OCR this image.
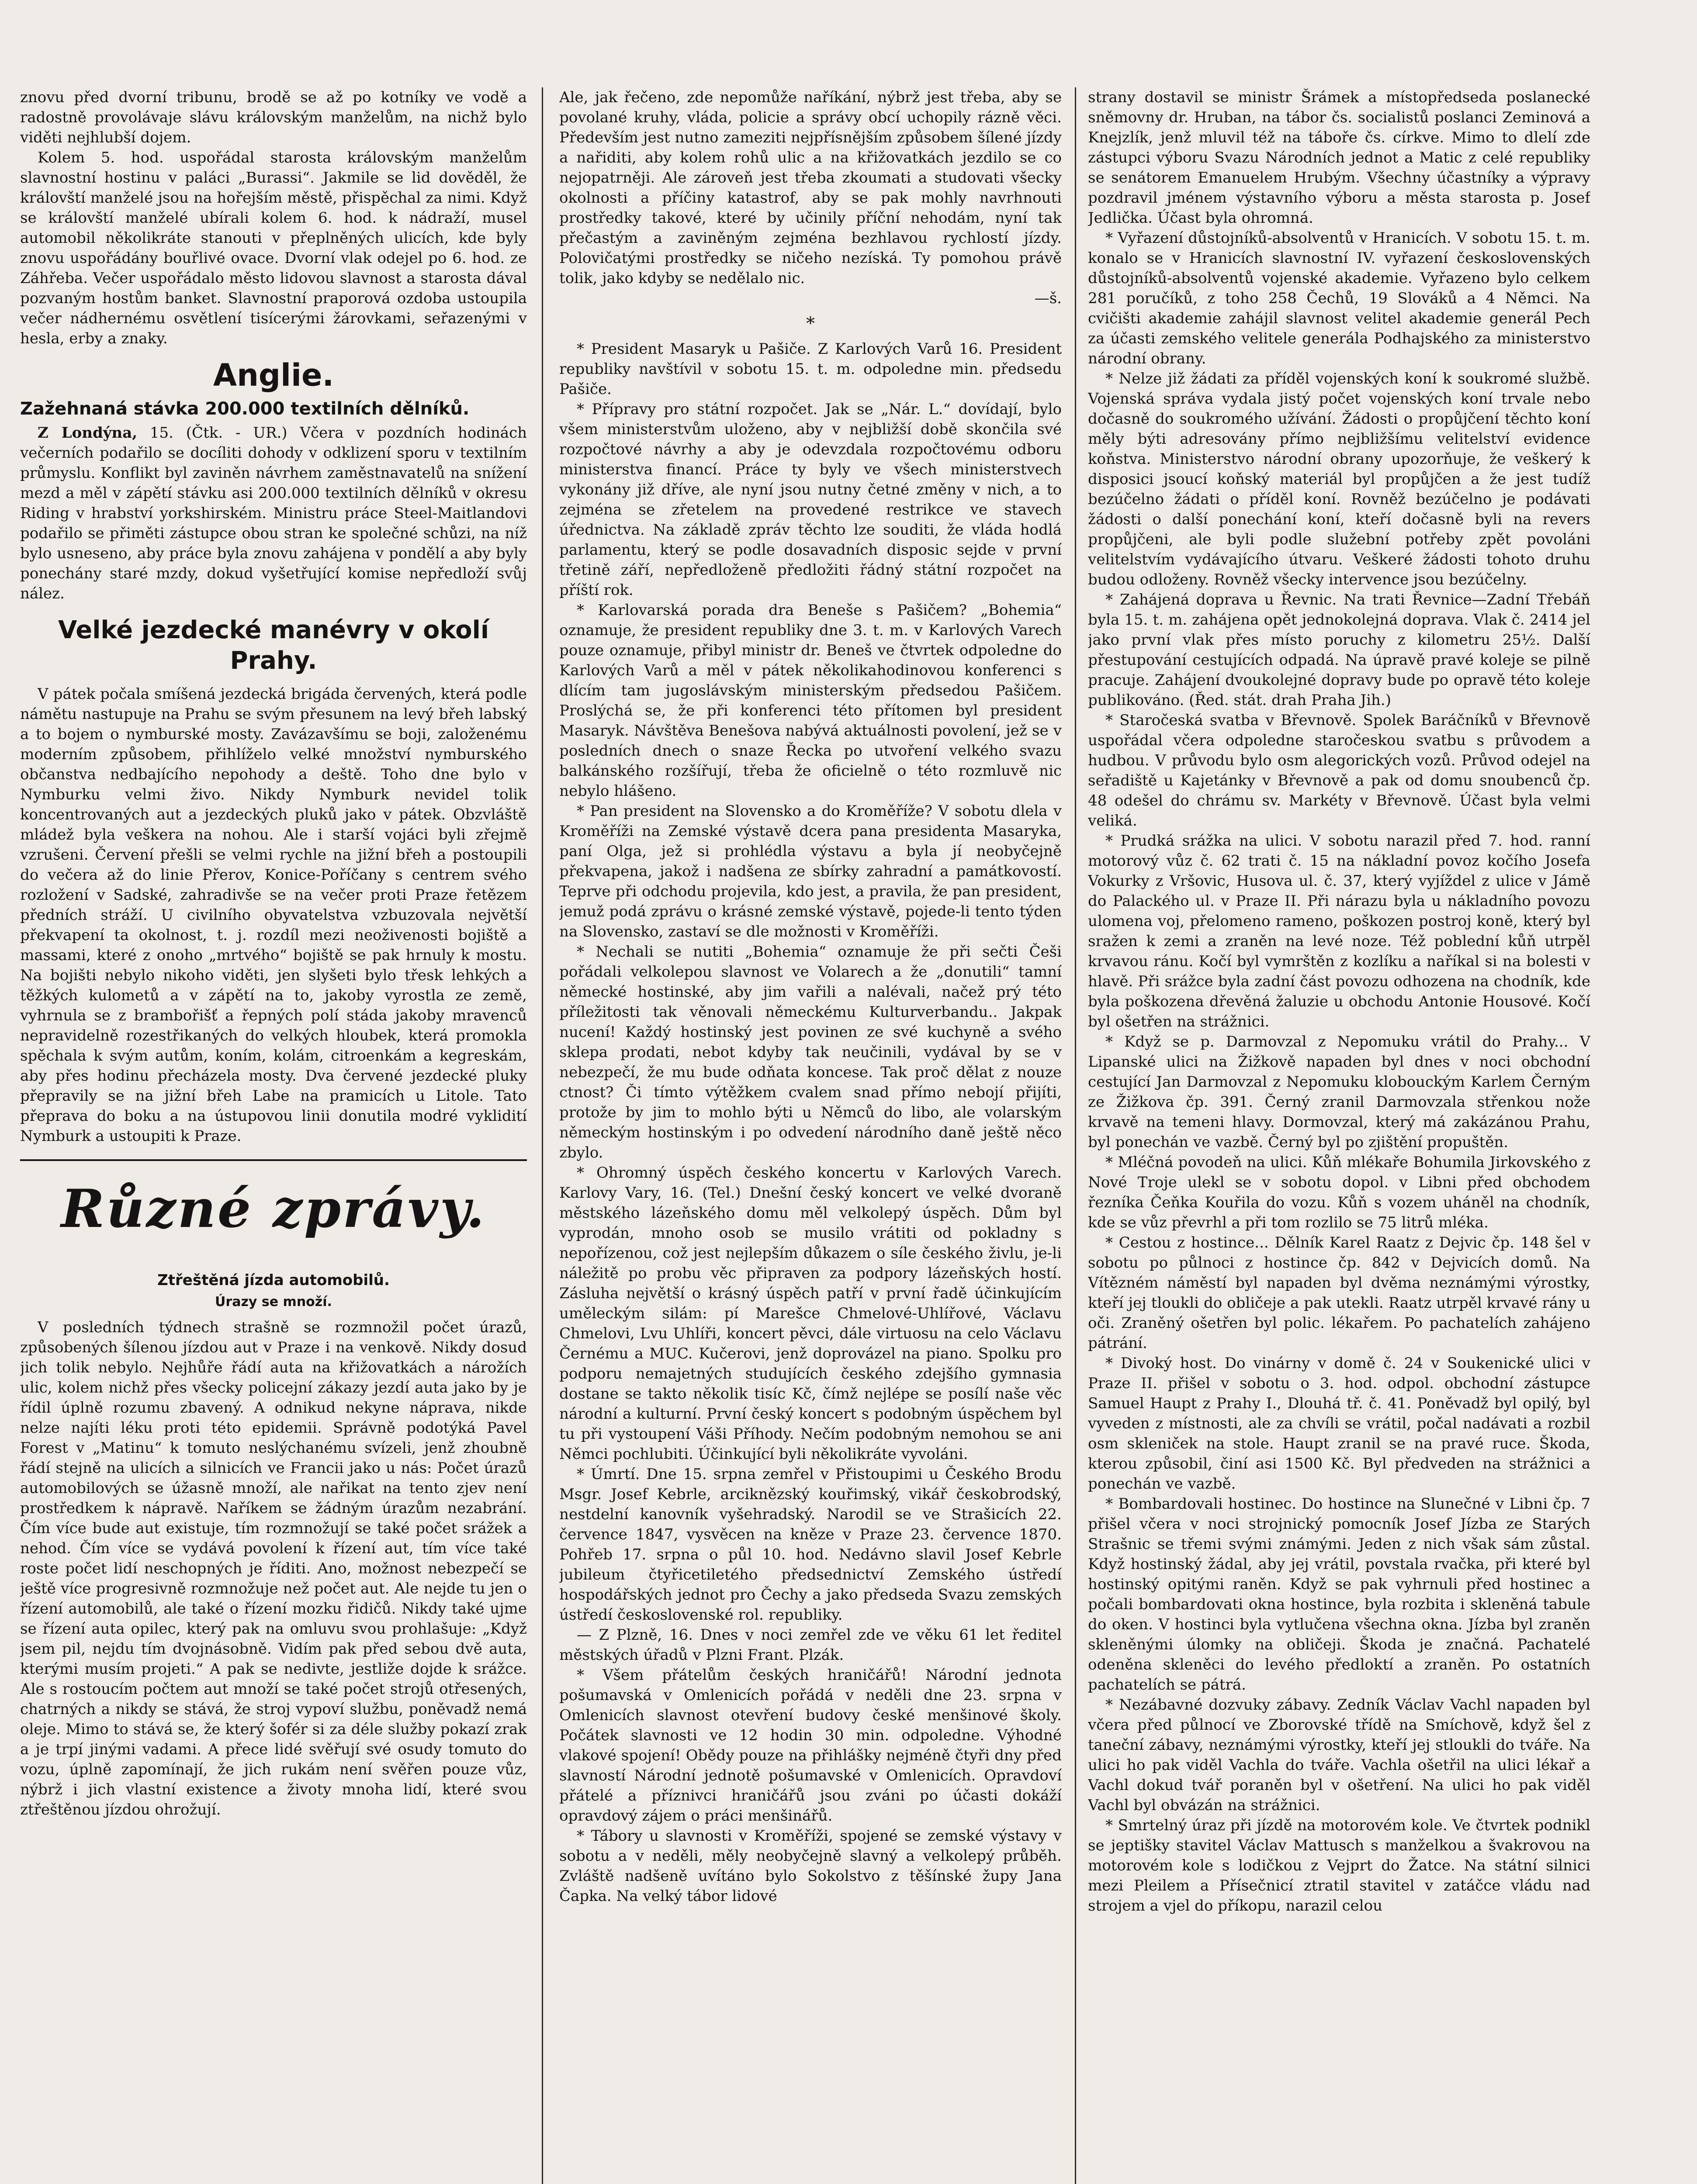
znovu před dvorní tribunu, brodě se až po kotníky ve vodě a radostně provolávaje slávu královským manželům, na nichž bylo viděti nejhlubší dojem.

Kolem 5. hod. uspořádal starosta královským manželům slavnostní hostinu v paláci „Burassi“. Jakmile se lid dověděl, že královští manželé jsou na hořejším městě, přispěchal za nimi. Když se královští manželé ubírali kolem 6. hod. k nádraží, musel automobil několikráte stanouti v přeplněných ulicích, kde byly znovu uspořádány bouřlivé ovace. Dvorní vlak odejel po 6. hod. ze Záhřeba. Večer uspořádalo město lidovou slavnost a starosta dával pozvaným hostům banket. Slavnostní praporová ozdoba ustoupila večer nádhernému osvětlení tisícerými žárovkami, seřazenými v hesla, erby a znaky.

Anglie.
Zažehnaná stávka 200.000 textilních dělníků.

Z Londýna, 15. (Čtk. - UR.) Včera v pozdních hodinách večerních podařilo se docíliti dohody v odklizení sporu v textilním průmyslu. Konflikt byl zaviněn návrhem zaměstnavatelů na snížení mezd a měl v zápětí stávku asi 200.000 textilních dělníků v okresu Riding v hrabství yorkshirském. Ministru práce Steel-Maitlandovi podařilo se přiměti zástupce obou stran ke společné schůzi, na níž bylo usneseno, aby práce byla znovu zahájena v pondělí a aby byly ponechány staré mzdy, dokud vyšetřující komise nepředloží svůj nález.

Velké jezdecké manévry v okolí Prahy.

V pátek počala smíšená jezdecká brigáda červených, která podle námětu nastupuje na Prahu se svým přesunem na levý břeh labský a to bojem o nymburské mosty. Zavázavšímu se boji, založenému moderním způsobem, přihlíželo velké množství nymburského občanstva nedbajícího nepohody a deště. Toho dne bylo v Nymburku velmi živo. Nikdy Nymburk nevidel tolik koncentrovaných aut a jezdeckých pluků jako v pátek. Obzvláště mládež byla veškera na nohou. Ale i starší vojáci byli zřejmě vzrušeni. Červení přešli se velmi rychle na jižní břeh a postoupili do večera až do linie Přerov, Konice-Poříčany s centrem svého rozložení v Sadské, zahradivše se na večer proti Praze řetězem předních stráží. U civilního obyvatelstva vzbuzovala největší překvapení ta okolnost, t. j. rozdíl mezi neoživenosti bojiště a massami, které z onoho „mrtvého“ bojiště se pak hrnuly k mostu. Na bojišti nebylo nikoho viděti, jen slyšeti bylo třesk lehkých a těžkých kulometů a v zápětí na to, jakoby vyrostla ze země, vyhrnula se z brambořišť a řepných polí stáda jakoby mravenců nepravidelně rozestřikaných do velkých hloubek, která promokla spěchala k svým autům, koním, kolám, citroenkám a kegreskám, aby přes hodinu přecházela mosty. Dva červené jezdecké pluky přepravily se na jižní břeh Labe na pramicích u Litole. Tato přeprava do boku a na ústupovou linii donutila modré vyklidití Nymburk a ustoupiti k Praze.

Různé zprávy.
Ztřeštěná jízda automobilů.
Úrazy se množí.

V posledních týdnech strašně se rozmnožil počet úrazů, způsobených šílenou jízdou aut v Praze i na venkově. Nikdy dosud jich tolik nebylo. Nejhůře řádí auta na křižovatkách a nárožích ulic, kolem nichž přes všecky policejní zákazy jezdí auta jako by je řídil úplně rozumu zbavený. A odnikud nekyne náprava, nikde nelze najíti léku proti této epidemii. Správně podotýká Pavel Forest v „Matinu“ k tomuto neslýchanému svízeli, jenž zhoubně řádí stejně na ulicích a silnicích ve Francii jako u nás: Počet úrazů automobilových se úžasně množí, ale nařikat na tento zjev není prostředkem k nápravě. Naříkem se žádným úrazům nezabrání. Čím více bude aut existuje, tím rozmnožují se také počet srážek a nehod. Čím více se vydává povolení k řízení aut, tím více také roste počet lidí neschopných je říditi. Ano, možnost nebezpečí se ještě více progresivně rozmnožuje než počet aut. Ale nejde tu jen o řízení automobilů, ale také o řízení mozku řidičů. Nikdy také ujme se řízení auta opilec, který pak na omluvu svou prohlašuje: „Když jsem pil, nejdu tím dvojnásobně. Vidím pak před sebou dvě auta, kterými musím projeti.“ A pak se nedivte, jestliže dojde k srážce. Ale s rostoucím počtem aut množí se také počet strojů otřesených, chatrných a nikdy se stává, že stroj vypoví službu, poněvadž nemá oleje. Mimo to stává se, že který šofér si za déle služby pokazí zrak a je trpí jinými vadami. A přece lidé svěřují své osudy tomuto do vozu, úplně zapomínají, že jich rukám není svěřen pouze vůz, nýbrž i jich vlastní existence a životy mnoha lidí, které svou ztřeštěnou jízdou ohrožují.

Ale, jak řečeno, zde nepomůže naříkání, nýbrž jest třeba, aby se povolané kruhy, vláda, policie a správy obcí uchopily rázně věci. Především jest nutno zameziti nejpřísnějším způsobem šílené jízdy a nařiditi, aby kolem rohů ulic a na křižovatkách jezdilo se co nejopatrněji. Ale zároveň jest třeba zkoumati a studovati všecky okolnosti a příčiny katastrof, aby se pak mohly navrhnouti prostředky takové, které by učinily příční nehodám, nyní tak přečastým a zaviněným zejména bezhlavou rychlostí jízdy. Polovičatými prostředky se ničeho nezíská. Ty pomohou právě tolik, jako kdyby se nedělalo nic.

—š.
*

* President Masaryk u Pašiče. Z Karlových Varů 16. President republiky navštívil v sobotu 15. t. m. odpoledne min. předsedu Pašiče.

* Přípravy pro státní rozpočet. Jak se „Nár. L.“ dovídají, bylo všem ministerstvům uloženo, aby v nejbližší době skončila své rozpočtové návrhy a aby je odevzdala rozpočtovému odboru ministerstva financí. Práce ty byly ve všech ministerstvech vykonány již dříve, ale nyní jsou nutny četné změny v nich, a to zejména se zřetelem na provedené restrikce ve stavech úřednictva. Na základě zpráv těchto lze souditi, že vláda hodlá parlamentu, který se podle dosavadních disposic sejde v první třetině září, nepředloženě předložiti řádný státní rozpočet na příští rok.

* Karlovarská porada dra Beneše s Pašičem? „Bohemia“ oznamuje, že president republiky dne 3. t. m. v Karlových Varech pouze oznamuje, přibyl ministr dr. Beneš ve čtvrtek odpoledne do Karlových Varů a měl v pátek několikahodinovou konferenci s dlícím tam jugoslávským ministerským předsedou Pašičem. Proslýchá se, že při konferenci této přítomen byl president Masaryk. Návštěva Benešova nabývá aktuálnosti povolení, jež se v posledních dnech o snaze Řecka po utvoření velkého svazu balkánského rozšířují, třeba že oficielně o této rozmluvě nic nebylo hlášeno.

* Pan president na Slovensko a do Kroměříže? V sobotu dlela v Kroměříži na Zemské výstavě dcera pana presidenta Masaryka, paní Olga, jež si prohlédla výstavu a byla jí neobyčejně překvapena, jakož i nadšena ze sbírky zahradní a památkovostí. Teprve při odchodu projevila, kdo jest, a pravila, že pan president, jemuž podá zprávu o krásné zemské výstavě, pojede-li tento týden na Slovensko, zastaví se dle možnosti v Kroměříži.

* Nechali se nutiti „Bohemia“ oznamuje že při sečti Češi pořádali velkolepou slavnost ve Volarech a že „donutili“ tamní německé hostinské, aby jim vařili a nalévali, načež prý této příležitosti tak věnovali německému Kulturverbandu.. Jakpak nucení! Každý hostinský jest povinen ze své kuchyně a svého sklepa prodati, nebot kdyby tak neučinili, vydával by se v nebezpečí, že mu bude odňata koncese. Tak proč dělat z nouze ctnost? Či tímto výtěžkem cvalem snad přímo nebojí přijíti, protože by jim to mohlo býti u Němců do libo, ale volarským německým hostinským i po odvedení národního daně ještě něco zbylo.

* Ohromný úspěch českého koncertu v Karlových Varech. Karlovy Vary, 16. (Tel.) Dnešní český koncert ve velké dvoraně městského lázeňského domu měl velkolepý úspěch. Dům byl vyprodán, mnoho osob se musilo vrátiti od pokladny s nepořízenou, což jest nejlepším důkazem o síle českého živlu, je-li náležitě po probu věc připraven za podpory lázeňských hostí. Zásluha největší o krásný úspěch patří v první řadě účinkujícím uměleckým silám: pí Marešce Chmelové-Uhlířové, Václavu Chmelovi, Lvu Uhlíři, koncert pěvci, dále virtuosu na celo Václavu Černému a MUC. Kučerovi, jenž doprovázel na piano. Spolku pro podporu nemajetných studujících českého zdejšího gymnasia dostane se takto několik tisíc Kč, čímž nejlépe se posílí naše věc národní a kulturní. První český koncert s podobným úspěchem byl tu při vystoupení Váši Příhody. Nečím podobným nemohou se ani Němci pochlubiti. Účinkující byli několikráte vyvoláni.

* Úmrtí. Dne 15. srpna zemřel v Přistoupimi u Českého Brodu Msgr. Josef Kebrle, arciknězský kouřimský, vikář českobrodský, nestdelní kanovník vyšehradský. Narodil se ve Strašicích 22. července 1847, vysvěcen na kněze v Praze 23. července 1870. Pohřeb 17. srpna o půl 10. hod. Nedávno slavil Josef Kebrle jubileum čtyřicetiletého předsednictví Zemského ústředí hospodářských jednot pro Čechy a jako předseda Svazu zemských ústředí československé rol. republiky.

— Z Plzně, 16. Dnes v noci zemřel zde ve věku 61 let ředitel městských úřadů v Plzni Frant. Plzák.

* Všem přátelům českých hraničářů! Národní jednota pošumavská v Omlenicích pořádá v neděli dne 23. srpna v Omlenicích slavnost otevření budovy české menšinové školy. Počátek slavnosti ve 12 hodin 30 min. odpoledne. Výhodné vlakové spojení! Obědy pouze na přihlášky nejméně čtyři dny před slavností Národní jednotě pošumavské v Omlenicích. Opravdoví přátelé a příznivci hraničářů jsou zváni po účasti dokáží opravdový zájem o práci menšinářů.

* Tábory u slavnosti v Kroměříži, spojené se zemské výstavy v sobotu a v neděli, měly neobyčejně slavný a velkolepý průběh. Zvláště nadšeně uvítáno bylo Sokolstvo z těšínské župy Jana Čapka. Na velký tábor lidové

strany dostavil se ministr Šrámek a místopředseda poslanecké sněmovny dr. Hruban, na tábor čs. socialistů poslanci Zeminová a Knejzlík, jenž mluvil též na táboře čs. církve. Mimo to dlelí zde zástupci výboru Svazu Národních jednot a Matic z celé republiky se senátorem Emanuelem Hrubým. Všechny účastníky a výpravy pozdravil jménem výstavního výboru a města starosta p. Josef Jedlička. Účast byla ohromná.

* Vyřazení důstojníků-absolventů v Hranicích. V sobotu 15. t. m. konalo se v Hranicích slavnostní IV. vyřazení československých důstojníků-absolventů vojenské akademie. Vyřazeno bylo celkem 281 poručíků, z toho 258 Čechů, 19 Slováků a 4 Němci. Na cvičišti akademie zahájil slavnost velitel akademie generál Pech za účasti zemského velitele generála Podhajského za ministerstvo národní obrany.

* Nelze již žádati za příděl vojenských koní k soukromé službě. Vojenská správa vydala jistý počet vojenských koní trvale nebo dočasně do soukromého užívání. Žádosti o propůjčení těchto koní měly býti adresovány přímo nejbližšímu velitelství evidence koňstva. Ministerstvo národní obrany upozorňuje, že veškerý k disposici jsoucí koňský materiál byl propůjčen a že jest tudíž bezúčelno žádati o příděl koní. Rovněž bezúčelno je podávati žádosti o další ponechání koní, kteří dočasně byli na revers propůjčeni, ale byli podle služební potřeby zpět povoláni velitelstvím vydávajícího útvaru. Veškeré žádosti tohoto druhu budou odloženy. Rovněž všecky intervence jsou bezúčelny.

* Zahájená doprava u Řevnic. Na trati Řevnice—Zadní Třebáň byla 15. t. m. zahájena opět jednokolejná doprava. Vlak č. 2414 jel jako první vlak přes místo poruchy z kilometru 25½. Další přestupování cestujících odpadá. Na úpravě pravé koleje se pilně pracuje. Zahájení dvoukolejné dopravy bude po opravě této koleje publikováno. (Řed. stát. drah Praha Jih.)

* Staročeská svatba v Břevnově. Spolek Baráčníků v Břevnově uspořádal včera odpoledne staročeskou svatbu s průvodem a hudbou. V průvodu bylo osm alegorických vozů. Průvod odejel na seřadiště u Kajetánky v Břevnově a pak od domu snoubenců čp. 48 odešel do chrámu sv. Markéty v Břevnově. Účast byla velmi veliká.

* Prudká srážka na ulici. V sobotu narazil před 7. hod. ranní motorový vůz č. 62 trati č. 15 na nákladní povoz kočího Josefa Vokurky z Vršovic, Husova ul. č. 37, který vyjíždel z ulice v Jámě do Palackého ul. v Praze II. Při nárazu byla u nákladního povozu ulomena voj, přelomeno rameno, poškozen postroj koně, který byl sražen k zemi a zraněn na levé noze. Též poblední kůň utrpěl krvavou ránu. Kočí byl vymrštěn z kozlíku a naříkal si na bolesti v hlavě. Při srážce byla zadní část povozu odhozena na chodník, kde byla poškozena dřevěná žaluzie u obchodu Antonie Housové. Kočí byl ošetřen na strážnici.

* Když se p. Darmovzal z Nepomuku vrátil do Prahy... V Lipanské ulici na Žižkově napaden byl dnes v noci obchodní cestující Jan Darmovzal z Nepomuku klobouckým Karlem Černým ze Žižkova čp. 391. Černý zranil Darmovzala střenkou nože krvavě na temeni hlavy. Dormovzal, který má zakázánou Prahu, byl ponechán ve vazbě. Černý byl po zjištění propuštěn.

* Mléčná povodeň na ulici. Kůň mlékaře Bohumila Jirkovského z Nové Troje ulekl se v sobotu dopol. v Libni před obchodem řezníka Čeňka Kouřila do vozu. Kůň s vozem uháněl na chodník, kde se vůz převrhl a při tom rozlilo se 75 litrů mléka.

* Cestou z hostince... Dělník Karel Raatz z Dejvic čp. 148 šel v sobotu po půlnoci z hostince čp. 842 v Dejvicích domů. Na Vítězném náměstí byl napaden byl dvěma neznámými výrostky, kteří jej tloukli do obličeje a pak utekli. Raatz utrpěl krvavé rány u oči. Zraněný ošetřen byl polic. lékařem. Po pachatelích zahájeno pátrání.

* Divoký host. Do vinárny v domě č. 24 v Soukenické ulici v Praze II. přišel v sobotu o 3. hod. odpol. obchodní zástupce Samuel Haupt z Prahy I., Dlouhá tř. č. 41. Poněvadž byl opilý, byl vyveden z místnosti, ale za chvíli se vrátil, počal nadávati a rozbil osm skleniček na stole. Haupt zranil se na pravé ruce. Škoda, kterou způsobil, činí asi 1500 Kč. Byl předveden na strážnici a ponechán ve vazbě.

* Bombardovali hostinec. Do hostince na Slunečné v Libni čp. 7 přišel včera v noci strojnický pomocník Josef Jízba ze Starých Strašnic se třemi svými známými. Jeden z nich však sám zůstal. Když hostinský žádal, aby jej vrátil, povstala rvačka, při které byl hostinský opitými raněn. Když se pak vyhrnuli před hostinec a počali bombardovati okna hostince, byla rozbita i skleněná tabule do oken. V hostinci byla vytlučena všechna okna. Jízba byl zraněn skleněnými úlomky na obličeji. Škoda je značná. Pachatelé odeněna skleněci do levého předloktí a zraněn. Po ostatních pachatelích se pátrá.

* Nezábavné dozvuky zábavy. Zedník Václav Vachl napaden byl včera před půlnocí ve Zborovské třídě na Smíchově, když šel z taneční zábavy, neznámými výrostky, kteří jej stloukli do tváře. Na ulici ho pak viděl Vachla do tváře. Vachla ošetřil na ulici lékař a Vachl dokud tvář poraněn byl v ošetření. Na ulici ho pak viděl Vachl byl obvázán na strážnici.

* Smrtelný úraz při jízdě na motorovém kole. Ve čtvrtek podnikl se jeptišky stavitel Václav Mattusch s manželkou a švakrovou na motorovém kole s lodičkou z Vejprt do Žatce. Na státní silnici mezi Pleilem a Přísečnicí ztratil stavitel v zatáčce vládu nad strojem a vjel do příkopu, narazil celou
